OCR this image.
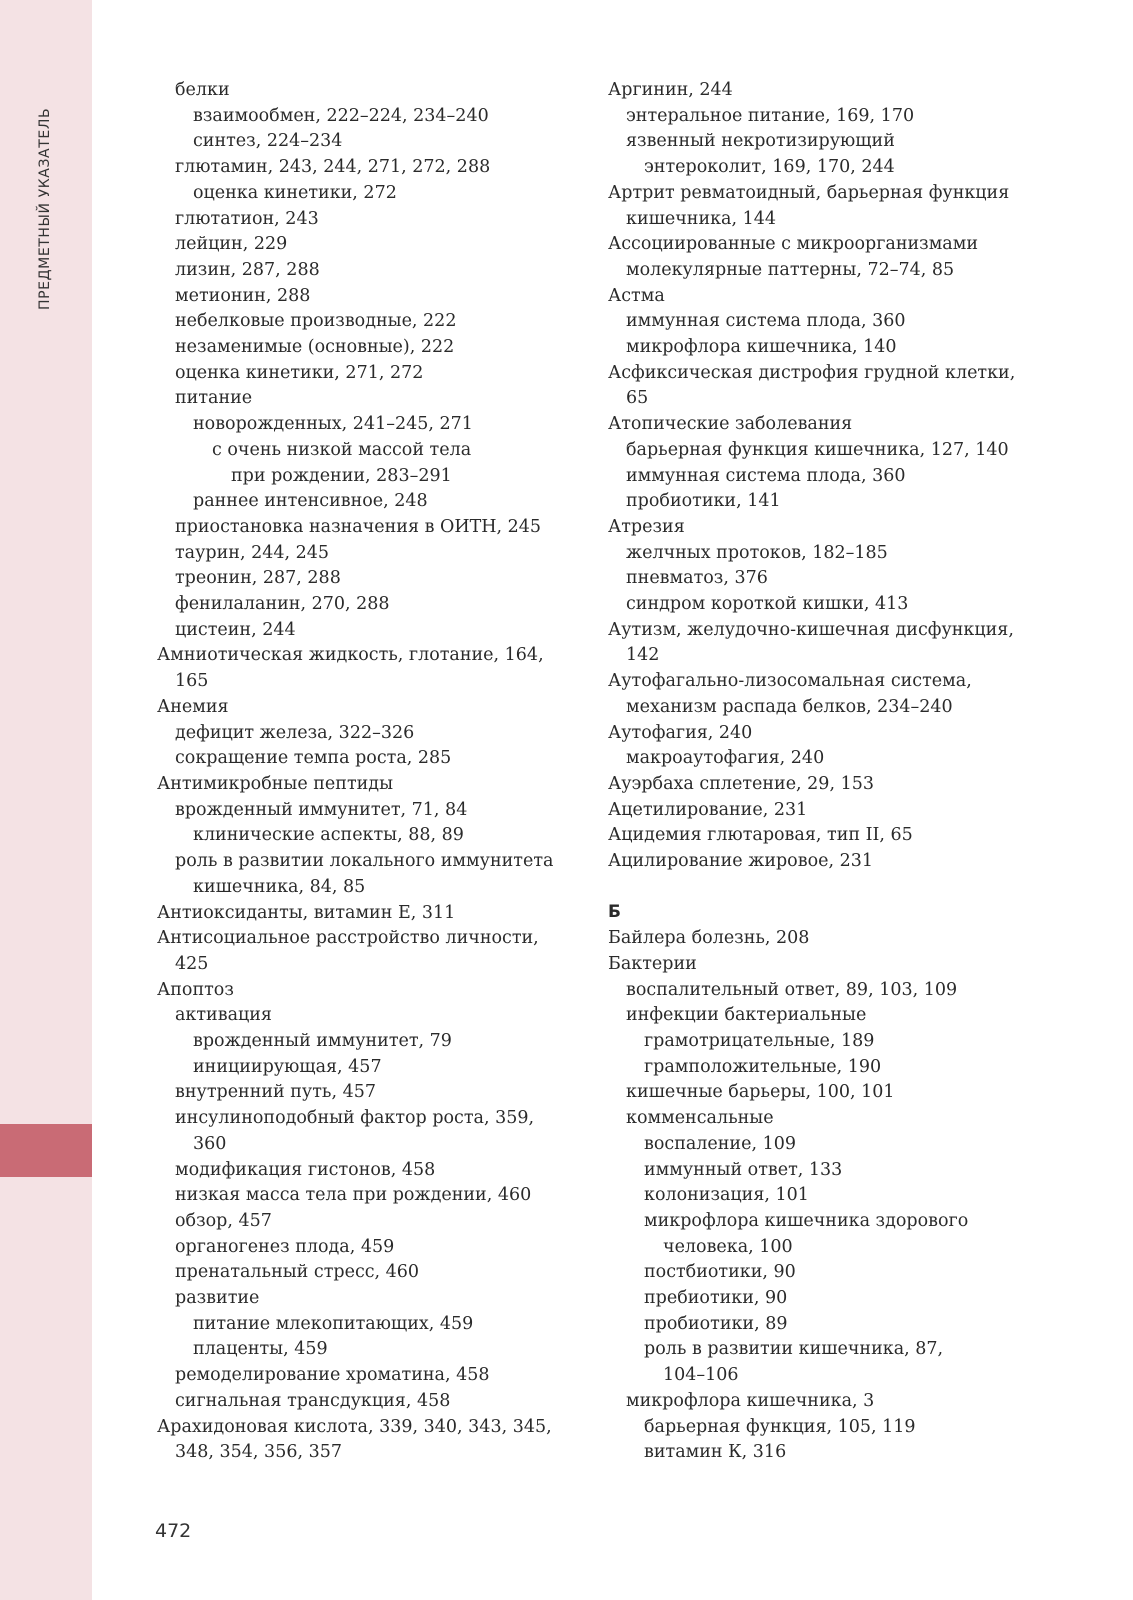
ПРЕДМЕТНЫЙ УКАЗАТЕЛЬ
белки
взаимообмен, 222–224, 234–240
синтез, 224–234
глютамин, 243, 244, 271, 272, 288
оценка кинетики, 272
глютатион, 243
лейцин, 229
лизин, 287, 288
метионин, 288
небелковые производные, 222
незаменимые (основные), 222
оценка кинетики, 271, 272
питание
новорожденных, 241–245, 271
с очень низкой массой тела
при рождении, 283–291
раннее интенсивное, 248
приостановка назначения в ОИТН, 245
таурин, 244, 245
треонин, 287, 288
фенилаланин, 270, 288
цистеин, 244
Амниотическая жидкость, глотание, 164,
165
Анемия
дефицит железа, 322–326
сокращение темпа роста, 285
Антимикробные пептиды
врожденный иммунитет, 71, 84
клинические аспекты, 88, 89
роль в развитии локального иммунитета
кишечника, 84, 85
Антиоксиданты, витамин Е, 311
Антисоциальное расстройство личности,
425
Апоптоз
активация
врожденный иммунитет, 79
инициирующая, 457
внутренний путь, 457
инсулиноподобный фактор роста, 359,
360
модификация гистонов, 458
низкая масса тела при рождении, 460
обзор, 457
органогенез плода, 459
пренатальный стресс, 460
развитие
питание млекопитающих, 459
плаценты, 459
ремоделирование хроматина, 458
сигнальная трансдукция, 458
Арахидоновая кислота, 339, 340, 343, 345,
348, 354, 356, 357
Аргинин, 244
энтеральное питание, 169, 170
язвенный некротизирующий
энтероколит, 169, 170, 244
Артрит ревматоидный, барьерная функция
кишечника, 144
Ассоциированные с микроорганизмами
молекулярные паттерны, 72–74, 85
Астма
иммунная система плода, 360
микрофлора кишечника, 140
Асфиксическая дистрофия грудной клетки,
65
Атопические заболевания
барьерная функция кишечника, 127, 140
иммунная система плода, 360
пробиотики, 141
Атрезия
желчных протоков, 182–185
пневматоз, 376
синдром короткой кишки, 413
Аутизм, желудочно-кишечная дисфункция,
142
Аутофагально-лизосомальная система,
механизм распада белков, 234–240
Аутофагия, 240
макроаутофагия, 240
Ауэрбаха сплетение, 29, 153
Ацетилирование, 231
Ацидемия глютаровая, тип II, 65
Ацилирование жировое, 231
Б
Байлера болезнь, 208
Бактерии
воспалительный ответ, 89, 103, 109
инфекции бактериальные
грамотрицательные, 189
грамположительные, 190
кишечные барьеры, 100, 101
комменсальные
воспаление, 109
иммунный ответ, 133
колонизация, 101
микрофлора кишечника здорового
человека, 100
постбиотики, 90
пребиотики, 90
пробиотики, 89
роль в развитии кишечника, 87,
104–106
микрофлора кишечника, 3
барьерная функция, 105, 119
витамин К, 316
472
